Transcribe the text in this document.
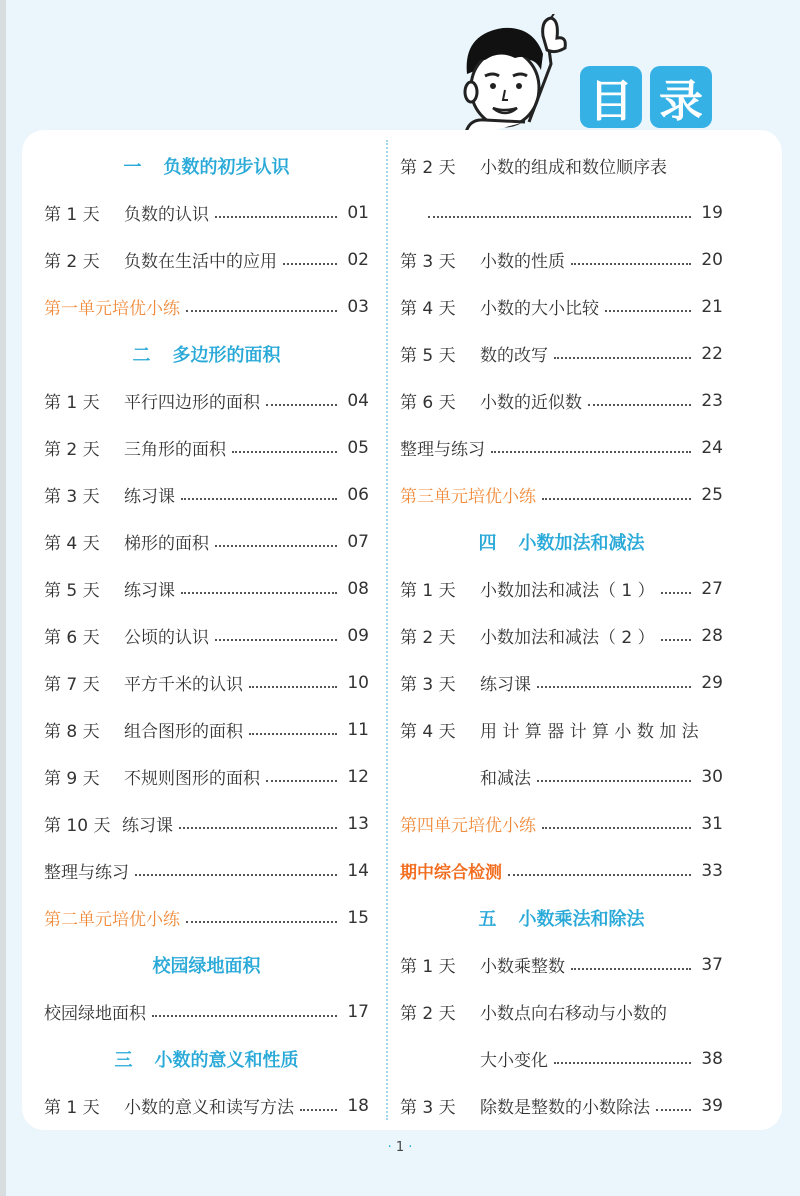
目 录
一 负数的初步认识
第 1 天	负数的认识	01
第 2 天	负数在生活中的应用	02
第一单元培优小练	03
二 多边形的面积
第 1 天	平行四边形的面积	04
第 2 天	三角形的面积	05
第 3 天	练习课	06
第 4 天	梯形的面积	07
第 5 天	练习课	08
第 6 天	公顷的认识	09
第 7 天	平方千米的认识	10
第 8 天	组合图形的面积	11
第 9 天	不规则图形的面积	12
第 10 天 练习课	13
整理与练习	14
第二单元培优小练	15
校园绿地面积
校园绿地面积	17
三 小数的意义和性质
第 1 天	小数的意义和读写方法	18
第 2 天	小数的组成和数位顺序表
19
第 3 天	小数的性质	20
第 4 天	小数的大小比较	21
第 5 天	数的改写	22
第 6 天	小数的近似数	23
整理与练习	24
第三单元培优小练	25
四 小数加法和减法
第 1 天	小数加法和减法（ 1 ）	27
第 2 天	小数加法和减法（ 2 ）	28
第 3 天	练习课	29
第 4 天	用 计 算 器 计 算 小 数 加 法
和减法	30
第四单元培优小练	31
期中综合检测	33
五 小数乘法和除法
第 1 天	小数乘整数	37
第 2 天	小数点向右移动与小数的
大小变化	38
第 3 天	除数是整数的小数除法	39
· 1 ·
